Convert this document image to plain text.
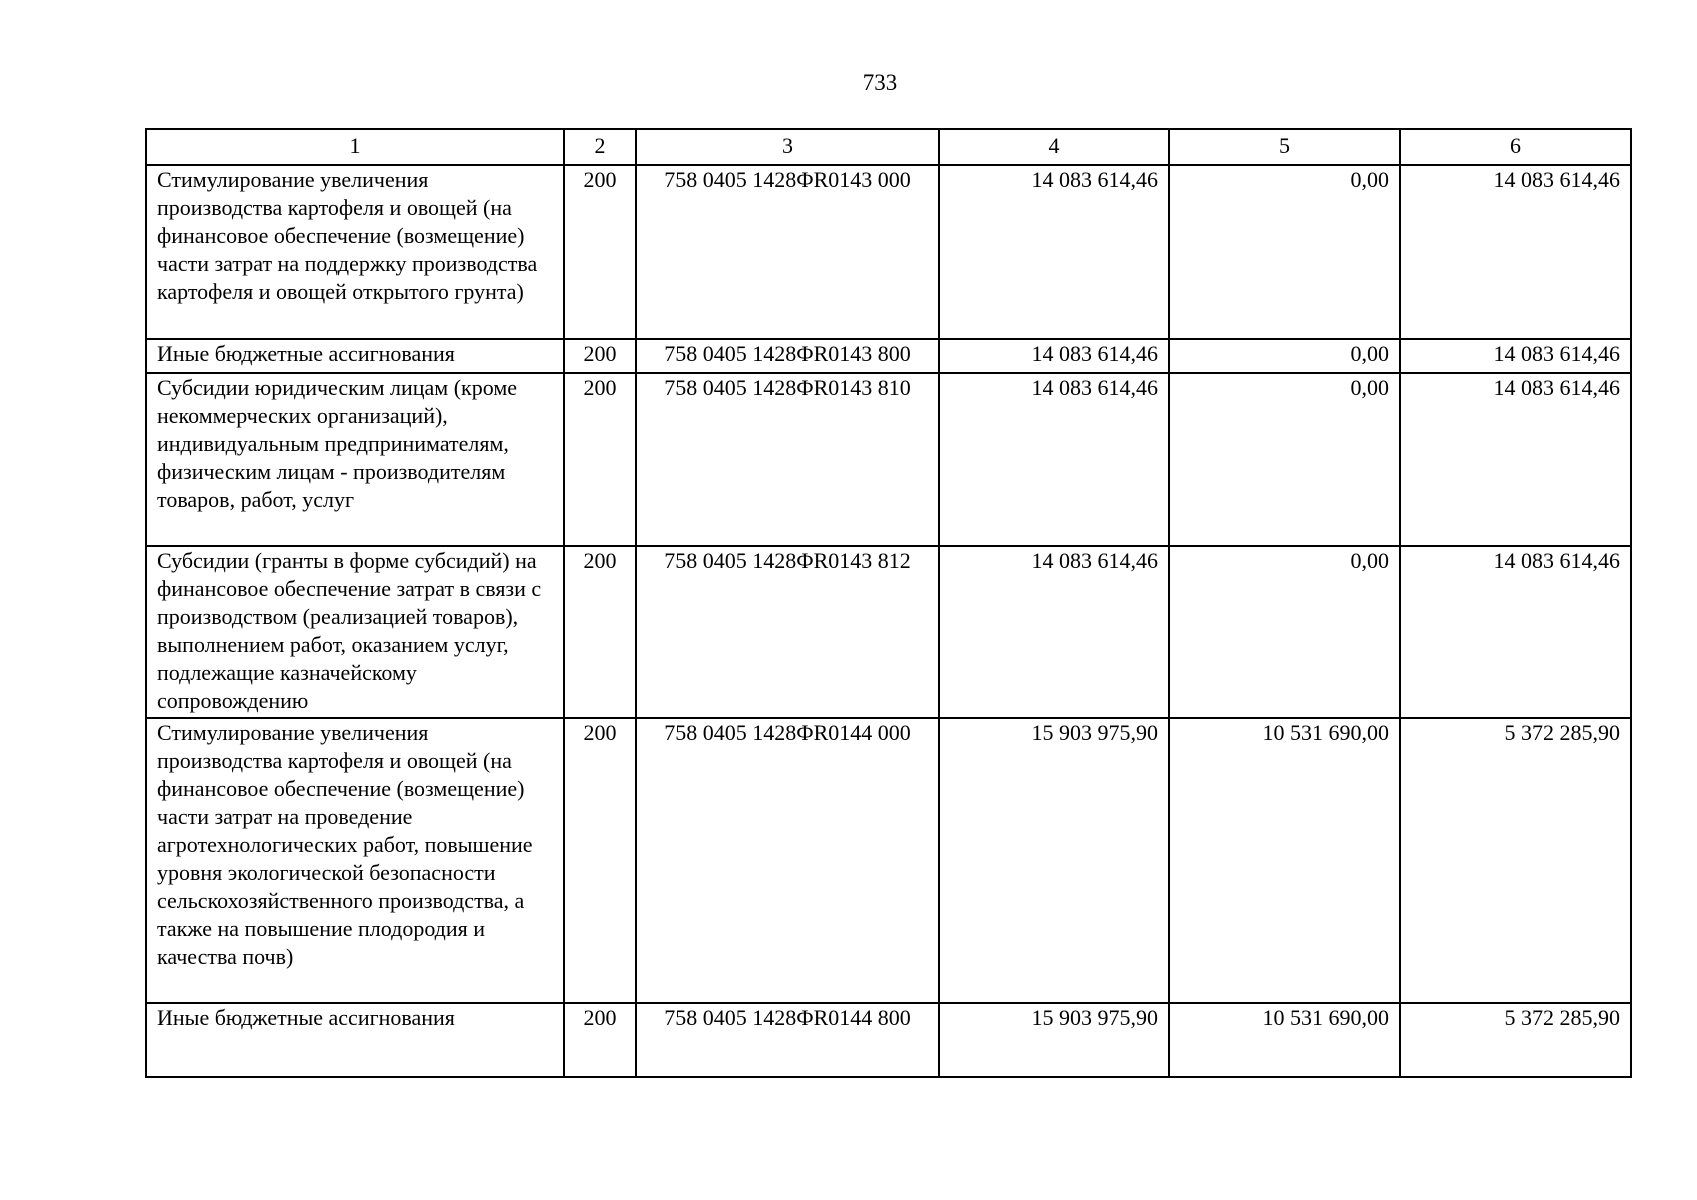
733
1	2	3	4	5	6
Стимулирование увеличения производства картофеля и овощей (на финансовое обеспечение (возмещение) части затрат на поддержку производства картофеля и овощей открытого грунта)	200	758 0405 1428ФR0143 000	14 083 614,46	0,00	14 083 614,46
Иные бюджетные ассигнования	200	758 0405 1428ФR0143 800	14 083 614,46	0,00	14 083 614,46
Субсидии юридическим лицам (кроме некоммерческих организаций), индивидуальным предпринимателям, физическим лицам - производителям товаров, работ, услуг	200	758 0405 1428ФR0143 810	14 083 614,46	0,00	14 083 614,46
Субсидии (гранты в форме субсидий) на финансовое обеспечение затрат в связи с производством (реализацией товаров), выполнением работ, оказанием услуг, подлежащие казначейскому сопровождению	200	758 0405 1428ФR0143 812	14 083 614,46	0,00	14 083 614,46
Стимулирование увеличения производства картофеля и овощей (на финансовое обеспечение (возмещение) части затрат на проведение агротехнологических работ, повышение уровня экологической безопасности сельскохозяйственного производства, а также на повышение плодородия и качества почв)	200	758 0405 1428ФR0144 000	15 903 975,90	10 531 690,00	5 372 285,90
Иные бюджетные ассигнования	200	758 0405 1428ФR0144 800	15 903 975,90	10 531 690,00	5 372 285,90
